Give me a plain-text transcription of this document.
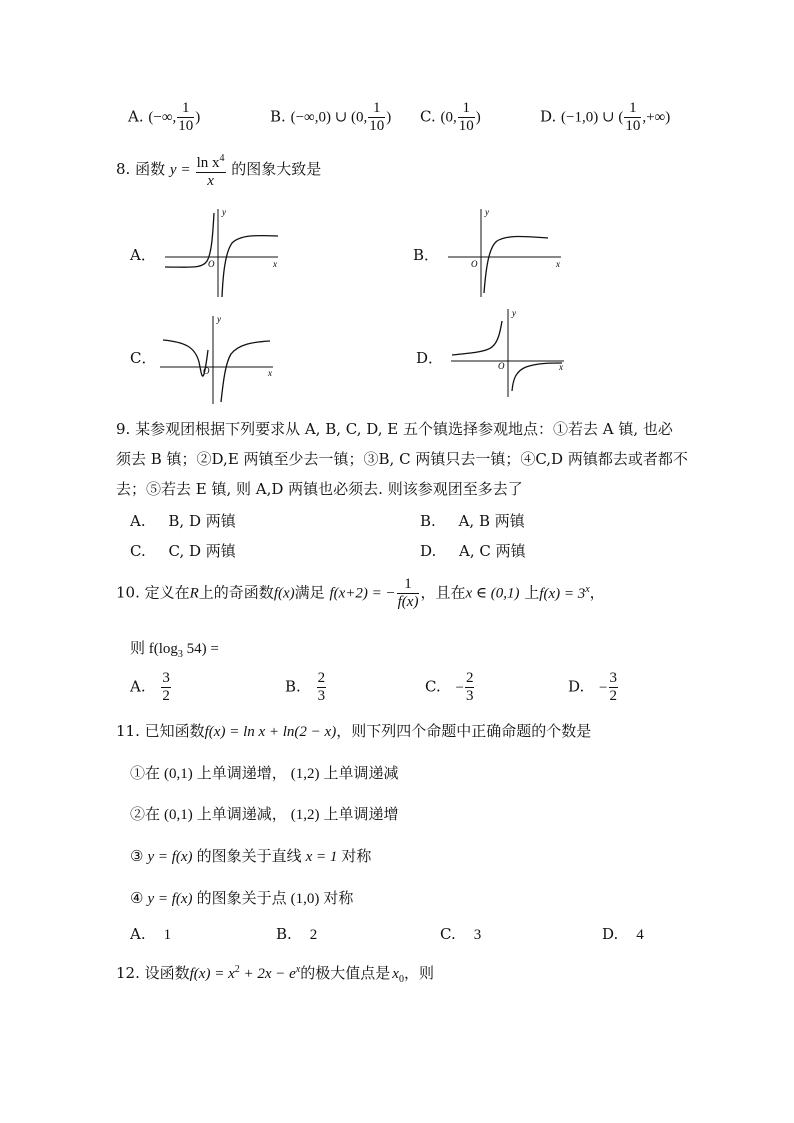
A. (−∞, $\frac{1}{10}$ )	B. (−∞,0) ∪ (0, $\frac{1}{10}$ ) C. (0, $\frac{1}{10}$ )	D. (−1,0) ∪ ( $\frac{1}{10}$ ,+∞)
8. 函数 $y = \frac{\ln x^4}{x}$ 的图象大致是
A．	B．
C．	D．
y
x
O
y
x
O
y
x
O
y
x
O
9. 某参观团根据下列要求从 A, B, C, D, E 五个镇选择参观地点：①若去 A 镇, 也必
须去 B 镇；②D,E 两镇至少去一镇；③B, C 两镇只去一镇；④C,D 两镇都去或者都不
去；⑤若去 E 镇, 则 A,D 两镇也必须去. 则该参观团至多去了
A. B, D 两镇	B. A, B 两镇
C. C, D 两镇	D. A, C 两镇
10. 定义在R上的奇函数f(x)满足 f(x+2) = − $\frac{1}{f(x)}$ ，且在x ∈ (0,1) 上$f(x) = 3^x$，
则 $f(\log_3$ 54) =
A. $\frac{3}{2}$	B. $\frac{2}{3}$	C. − $\frac{2}{3}$	D. − $\frac{3}{2}$
11. 已知函数f(x) = ln x + ln(2 − x)，则下列四个命题中正确命题的个数是
①在 (0,1) 上单调递增， (1,2) 上单调递减
②在 (0,1) 上单调递减， (1,2) 上单调递增
③ y = f(x) 的图象关于直线 x = 1 对称
④ y = f(x) 的图象关于点 (1,0) 对称
A. 1	B. 2	C. 3	D. 4
12. 设函数$f(x) = x^2 + 2x - e^x$的极大值点是 $x_0$，则
